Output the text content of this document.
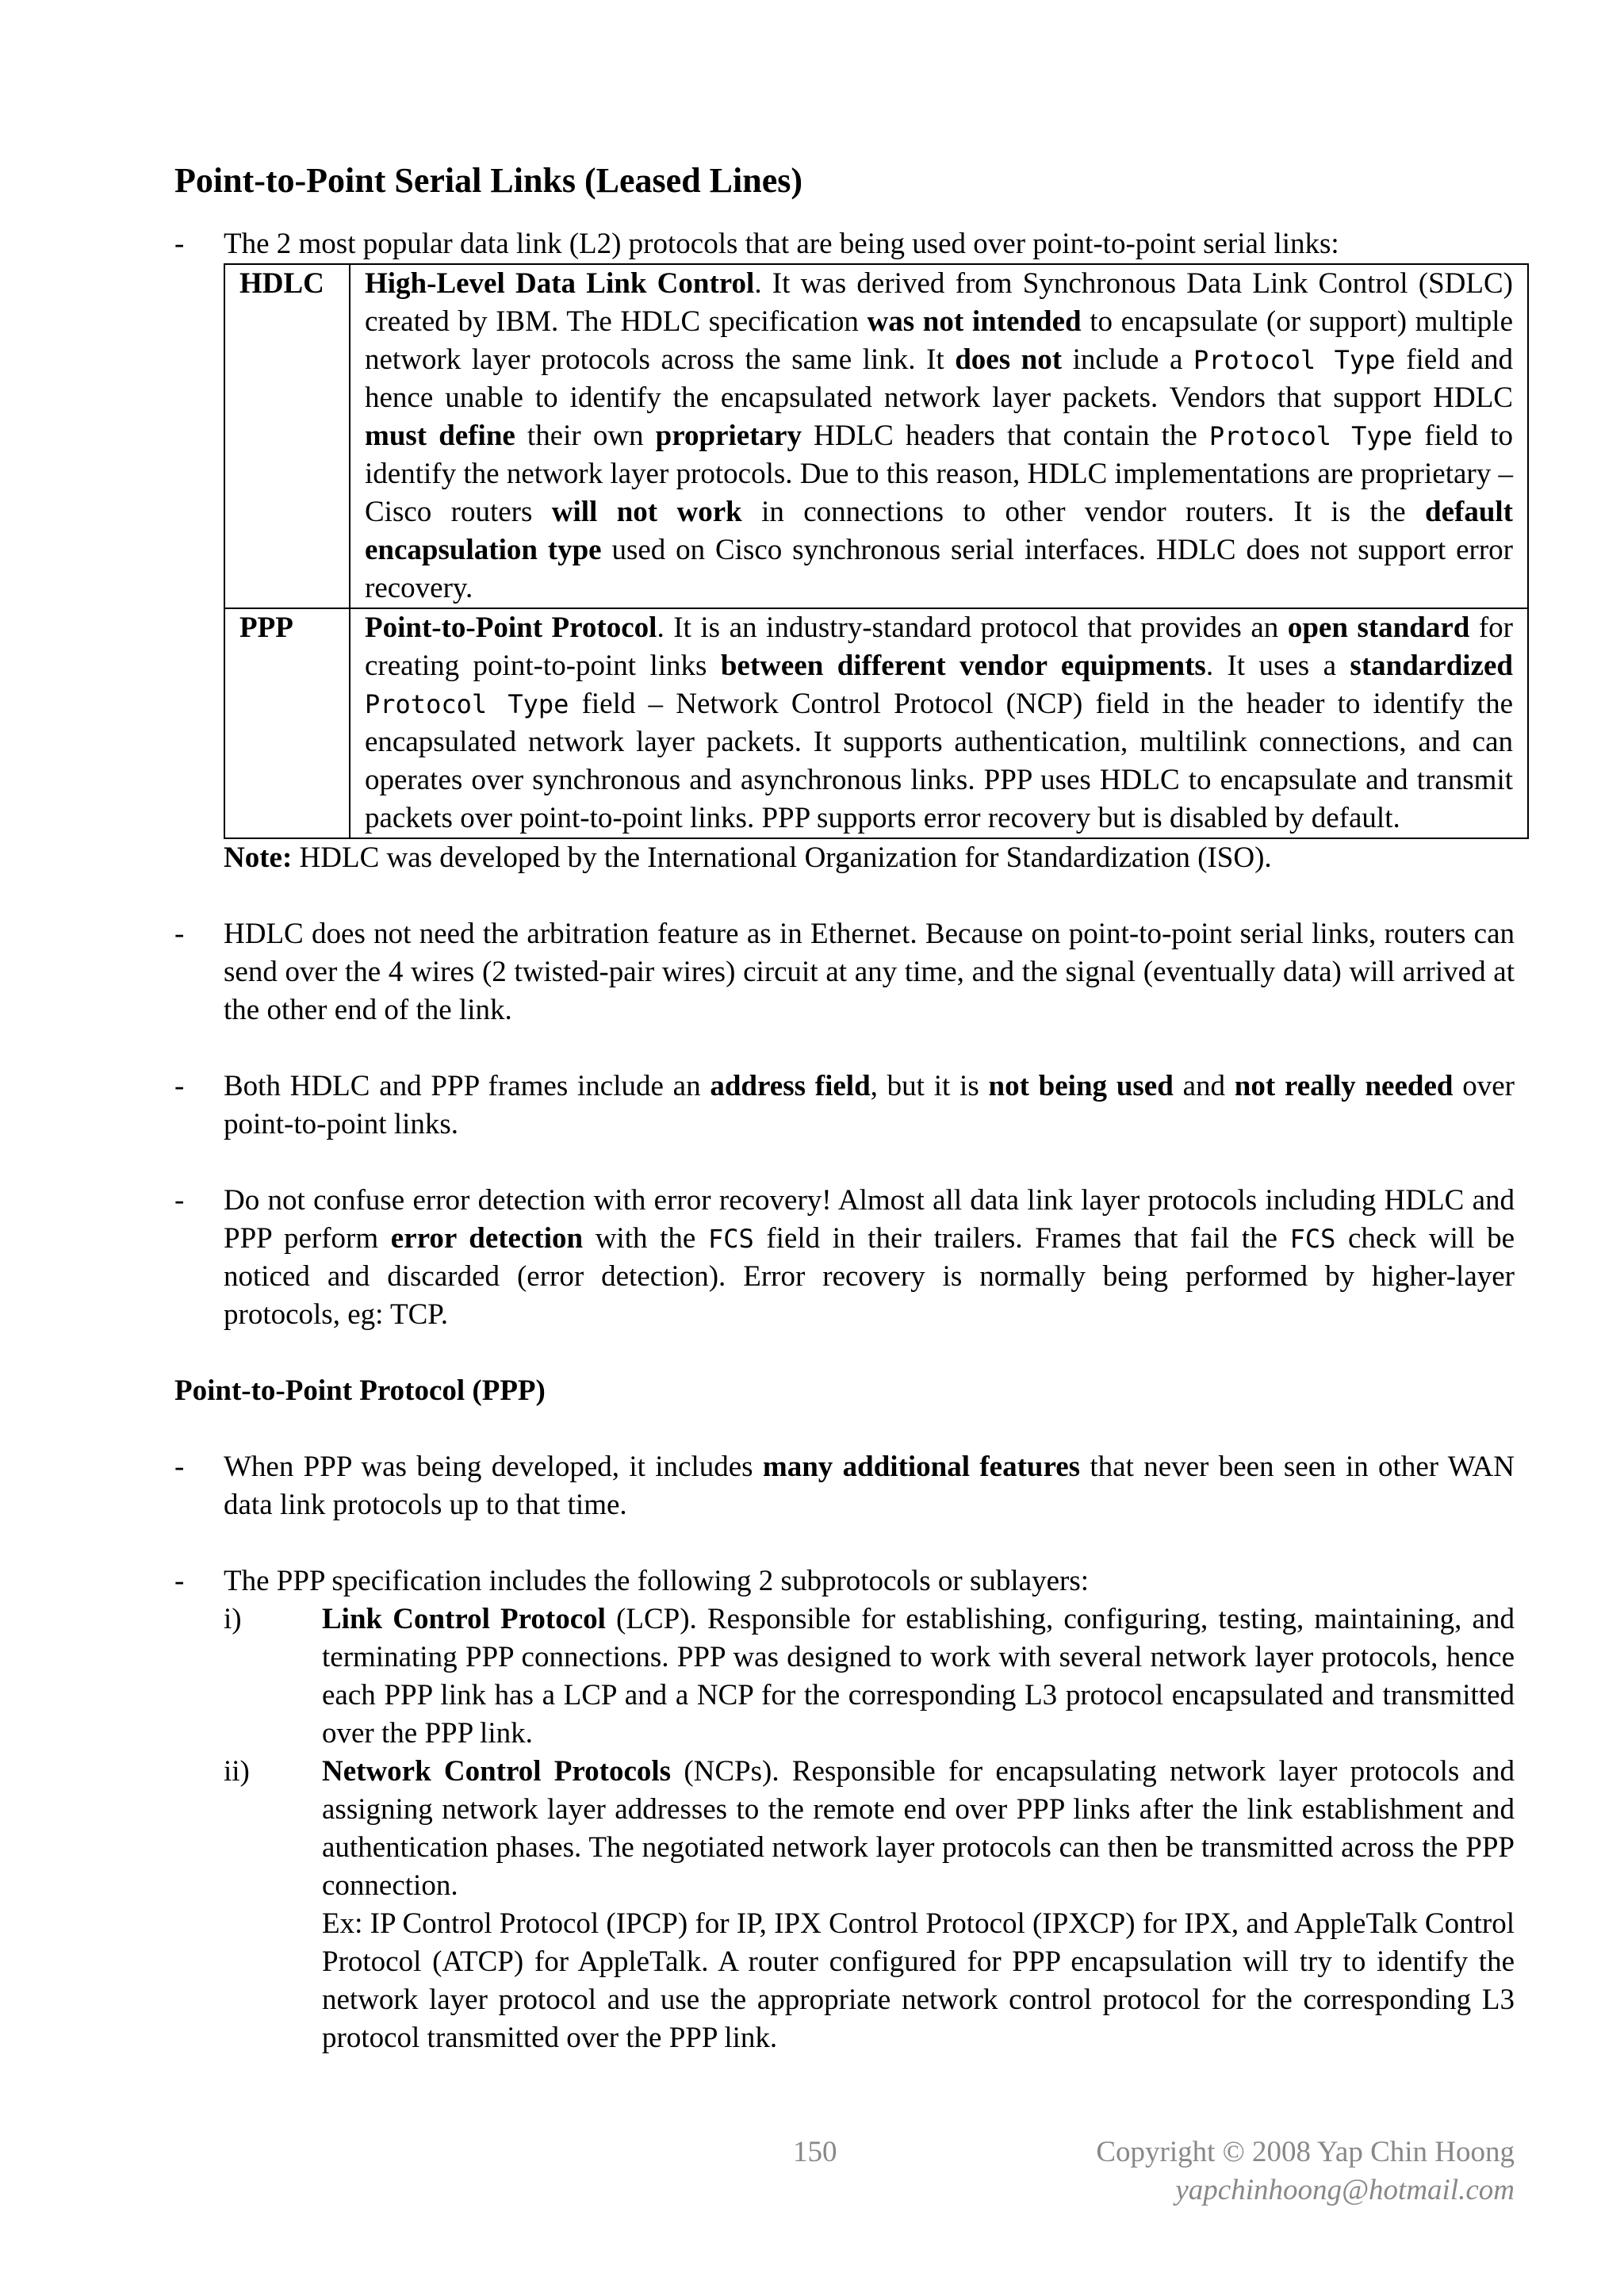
Point-to-Point Serial Links (Leased Lines)
- The 2 most popular data link (L2) protocols that are being used over point-to-point serial links:
HDLC	High-Level Data Link Control. It was derived from Synchronous Data Link Control (SDLC) created by IBM. The HDLC specification was not intended to encapsulate (or support) multiple network layer protocols across the same link. It does not include a Protocol Type field and hence unable to identify the encapsulated network layer packets. Vendors that support HDLC must define their own proprietary HDLC headers that contain the Protocol Type field to identify the network layer protocols. Due to this reason, HDLC implementations are proprietary – Cisco routers will not work in connections to other vendor routers. It is the default encapsulation type used on Cisco synchronous serial interfaces. HDLC does not support error recovery.
PPP	Point-to-Point Protocol. It is an industry-standard protocol that provides an open standard for creating point-to-point links between different vendor equipments. It uses a standardized Protocol Type field – Network Control Protocol (NCP) field in the header to identify the encapsulated network layer packets. It supports authentication, multilink connections, and can operates over synchronous and asynchronous links. PPP uses HDLC to encapsulate and transmit packets over point-to-point links. PPP supports error recovery but is disabled by default.
Note: HDLC was developed by the International Organization for Standardization (ISO).
- HDLC does not need the arbitration feature as in Ethernet. Because on point-to-point serial links, routers can send over the 4 wires (2 twisted-pair wires) circuit at any time, and the signal (eventually data) will arrived at the other end of the link.
- Both HDLC and PPP frames include an address field, but it is not being used and not really needed over point-to-point links.
- Do not confuse error detection with error recovery! Almost all data link layer protocols including HDLC and PPP perform error detection with the FCS field in their trailers. Frames that fail the FCS check will be noticed and discarded (error detection). Error recovery is normally being performed by higher-layer protocols, eg: TCP.
Point-to-Point Protocol (PPP)
- When PPP was being developed, it includes many additional features that never been seen in other WAN data link protocols up to that time.
- The PPP specification includes the following 2 subprotocols or sublayers:
i)	Link Control Protocol (LCP). Responsible for establishing, configuring, testing, maintaining, and terminating PPP connections. PPP was designed to work with several network layer protocols, hence each PPP link has a LCP and a NCP for the corresponding L3 protocol encapsulated and transmitted over the PPP link.
ii) Network Control Protocols (NCPs). Responsible for encapsulating network layer protocols and assigning network layer addresses to the remote end over PPP links after the link establishment and authentication phases. The negotiated network layer protocols can then be transmitted across the PPP connection.
Ex: IP Control Protocol (IPCP) for IP, IPX Control Protocol (IPXCP) for IPX, and AppleTalk Control Protocol (ATCP) for AppleTalk. A router configured for PPP encapsulation will try to identify the network layer protocol and use the appropriate network control protocol for the corresponding L3 protocol transmitted over the PPP link.
150	Copyright © 2008 Yap Chin Hoong
yapchinhoong@hotmail.com
